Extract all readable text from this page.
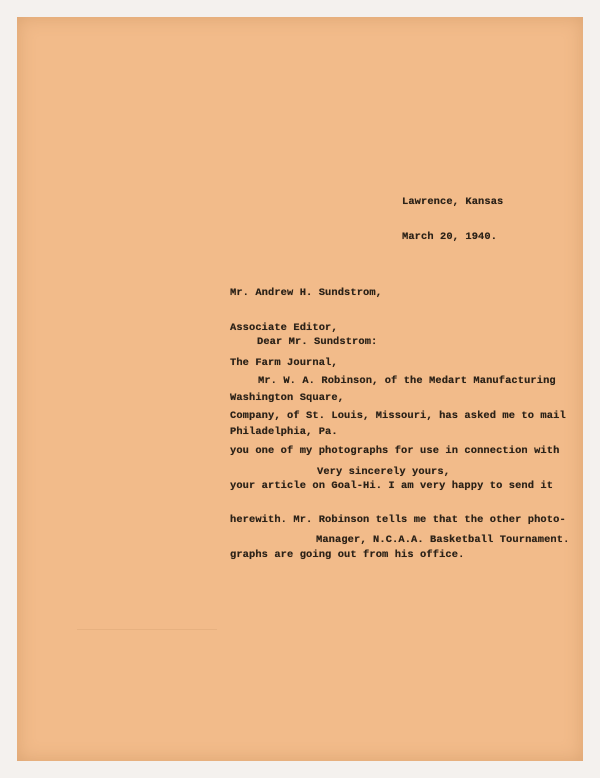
Lawrence, Kansas

March 20, 1940.

Mr. Andrew H. Sundstrom,

Associate Editor,

The Farm Journal,

Washington Square,

Philadelphia, Pa.

Dear Mr. Sundstrom:

Mr. W. A. Robinson, of the Medart Manufacturing

Company, of St. Louis, Missouri, has asked me to mail

you one of my photographs for use in connection with

your article on Goal-Hi. I am very happy to send it

herewith. Mr. Robinson tells me that the other photo-

graphs are going out from his office.

Very sincerely yours,
Manager, N.C.A.A. Basketball Tournament.
